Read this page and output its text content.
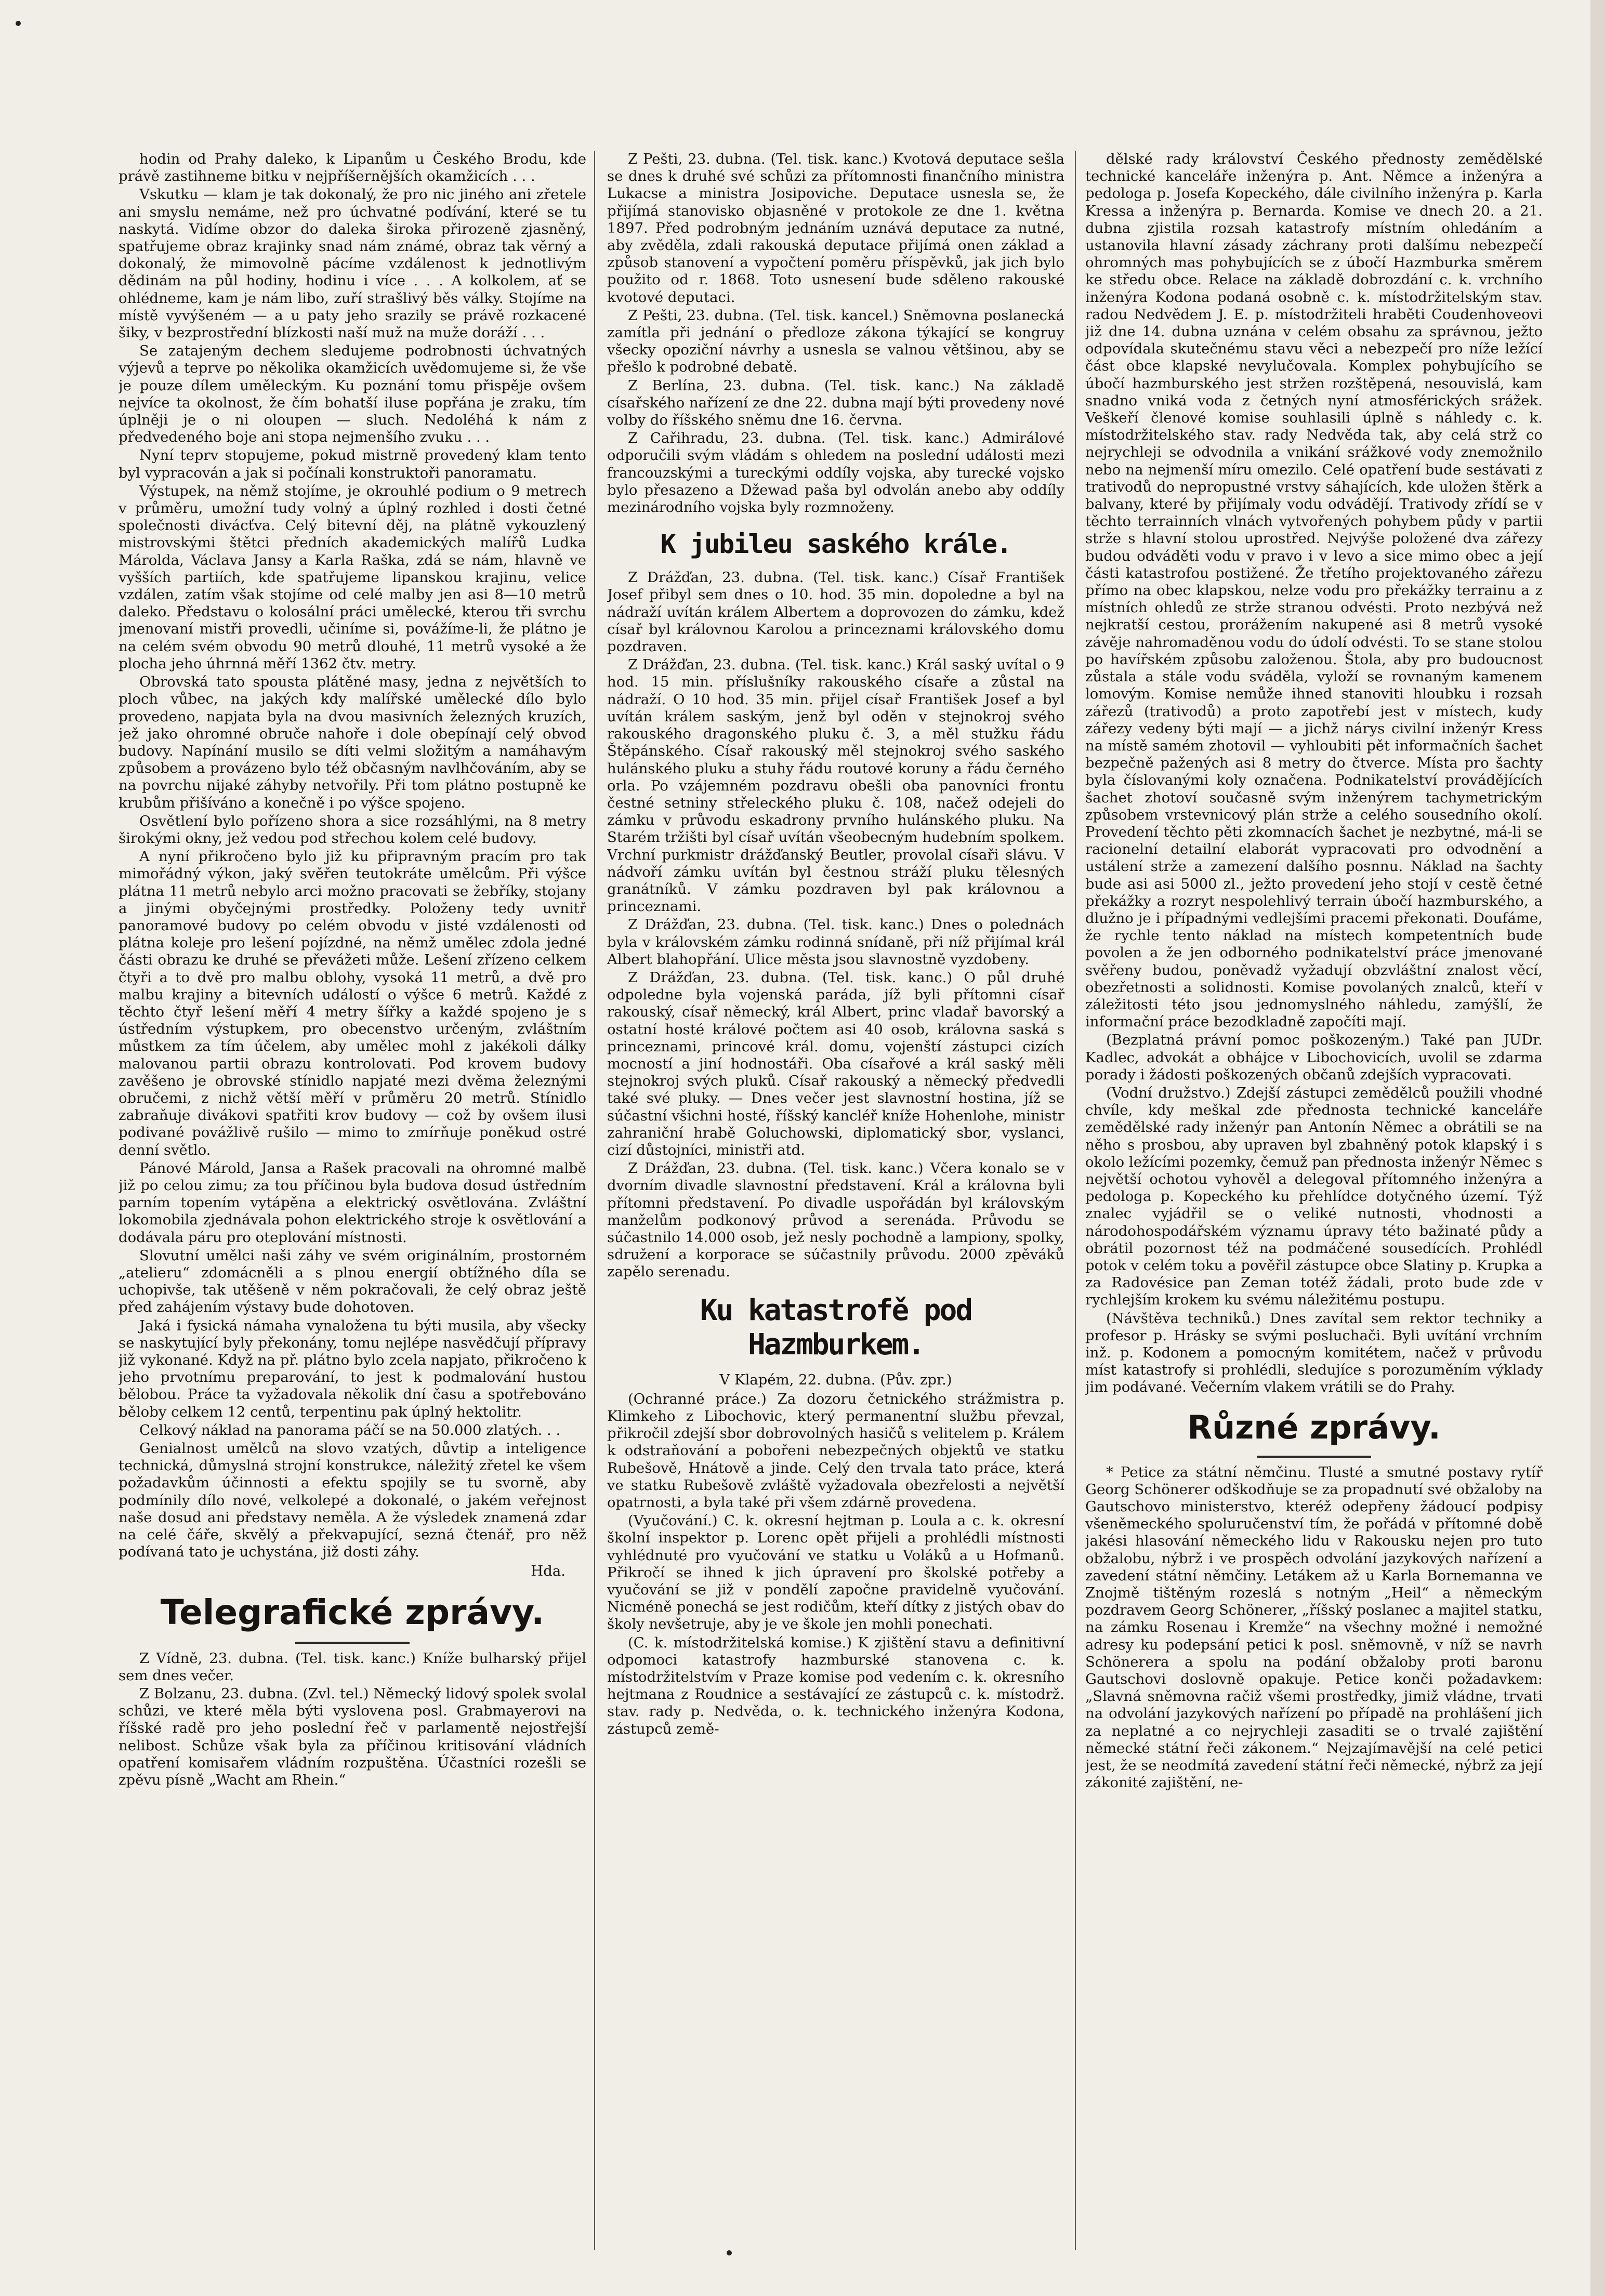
hodin od Prahy daleko, k Lipanům u Českého Brodu, kde právě zastihneme bitku v nejpříšernějších okamžicích . . .

Vskutku — klam je tak dokonalý, že pro nic jiného ani zřetele ani smyslu nemáme, než pro úchvatné podívání, které se tu naskytá. Vidíme obzor do daleka široka přirozeně zjasněný, spatřujeme obraz krajinky snad nám známé, obraz tak věrný a dokonalý, že mimovolně pácíme vzdálenost k jednotlivým dědinám na půl hodiny, hodinu i více . . . A kolkolem, ať se ohlédneme, kam je nám libo, zuří strašlivý běs války. Stojíme na místě vyvýšeném — a u paty jeho srazily se právě rozkacené šiky, v bezprostřední blízkosti naší muž na muže doráží . . .

Se zatajeným dechem sledujeme podrobnosti úchvatných výjevů a teprve po několika okamžicích uvědomujeme si, že vše je pouze dílem uměleckým. Ku poznání tomu přispěje ovšem nejvíce ta okolnost, že čím bohatší iluse popřána je zraku, tím úplněji je o ni oloupen — sluch. Nedoléhá k nám z předvedeného boje ani stopa nejmenšího zvuku . . .

Nyní teprv stopujeme, pokud mistrně provedený klam tento byl vypracován a jak si počínali konstruktoři panoramatu.

Výstupek, na němž stojíme, je okrouhlé podium o 9 metrech v průměru, umožní tudy volný a úplný rozhled i dosti četné společnosti divácťva. Celý bitevní děj, na plátně vykouzlený mistrovskými štětci předních akademických malířů Ludka Márolda, Václava Jansy a Karla Raška, zdá se nám, hlavně ve vyšších partiích, kde spatřujeme lipanskou krajinu, velice vzdálen, zatím však stojíme od celé malby jen asi 8—10 metrů daleko. Představu o kolosální práci umělecké, kterou tři svrchu jmenovaní mistři provedli, učiníme si, povážíme-li, že plátno je na celém svém obvodu 90 metrů dlouhé, 11 metrů vysoké a že plocha jeho úhrnná měří 1362 čtv. metry.

Obrovská tato spousta plátěné masy, jedna z největších to ploch vůbec, na jakých kdy malířské umělecké dílo bylo provedeno, napjata byla na dvou masivních železných kruzích, jež jako ohromné obruče nahoře i dole obepínají celý obvod budovy. Napínání musilo se díti velmi složitým a namáhavým způsobem a provázeno bylo též občasným navlhčováním, aby se na povrchu nijaké záhyby netvořily. Při tom plátno postupně ke krubům přišíváno a konečně i po výšce spojeno.

Osvětlení bylo pořízeno shora a sice rozsáhlými, na 8 metry širokými okny, jež vedou pod střechou kolem celé budovy.

A nyní přikročeno bylo již ku připravným pracím pro tak mimořádný výkon, jaký svěřen teutokráte umělcům. Při výšce plátna 11 metrů nebylo arci možno pracovati se žebříky, stojany a jinými obyčejnými prostředky. Položeny tedy uvnitř panoramové budovy po celém obvodu v jisté vzdálenosti od plátna koleje pro lešení pojízdné, na němž umělec zdola jedné části obrazu ke druhé se převážeti může. Lešení zřízeno celkem čtyři a to dvě pro malbu oblohy, vysoká 11 metrů, a dvě pro malbu krajiny a bitevních událostí o výšce 6 metrů. Každé z těchto čtyř lešení měří 4 metry šířky a každé spojeno je s ústředním výstupkem, pro obecenstvo určeným, zvláštním můstkem za tím účelem, aby umělec mohl z jakékoli dálky malovanou partii obrazu kontrolovati. Pod krovem budovy zavěšeno je obrovské stínidlo napjaté mezi dvěma železnými obručemi, z nichž větší měří v průměru 20 metrů. Stínidlo zabraňuje divákovi spatřiti krov budovy — což by ovšem ilusi podivané povážlivě rušilo — mimo to zmírňuje poněkud ostré denní světlo.

Pánové Márold, Jansa a Rašek pracovali na ohromné malbě již po celou zimu; za tou příčinou byla budova dosud ústředním parním topením vytápěna a elektrický osvětlována. Zvláštní lokomobila zjednávala pohon elektrického stroje k osvětlování a dodávala páru pro oteplování místnosti.

Slovutní umělci naši záhy ve svém originálním, prostorném „atelieru“ zdomácněli a s plnou energií obtížného díla se uchopivše, tak utěšeně v něm pokračovali, že celý obraz ještě před zahájením výstavy bude dohotoven.

Jaká i fysická námaha vynaložena tu býti musila, aby všecky se naskytující byly překonány, tomu nejlépe nasvědčují přípravy již vykonané. Když na př. plátno bylo zcela napjato, přikročeno k jeho prvotnímu preparování, to jest k podmalování hustou bělobou. Práce ta vyžadovala několik dní času a spotřebováno běloby celkem 12 centů, terpentinu pak úplný hektolitr.

Celkový náklad na panorama páčí se na 50.000 zlatých. . .

Genialnost umělců na slovo vzatých, důvtip a inteligence technická, důmyslná strojní konstrukce, náležitý zřetel ke všem požadavkům účinnosti a efektu spojily se tu svorně, aby podmínily dílo nové, velkolepé a dokonalé, o jakém veřejnost naše dosud ani představy neměla. A že výsledek znamená zdar na celé čáře, skvělý a překvapující, sezná čtenář, pro něž podívaná tato je uchystána, již dosti záhy.

Hda.

Telegrafické zprávy.

Z Vídně, 23. dubna. (Tel. tisk. kanc.) Kníže bulharský přijel sem dnes večer.

Z Bolzanu, 23. dubna. (Zvl. tel.) Německý lidový spolek svolal schůzi, ve které měla býti vyslovena posl. Grabmayerovi na říšské radě pro jeho poslední řeč v parlamentě nejostřejší nelibost. Schůze však byla za příčinou kritisování vládních opatření komisařem vládním rozpuštěna. Účastníci rozešli se zpěvu písně „Wacht am Rhein.“

Z Pešti, 23. dubna. (Tel. tisk. kanc.) Kvotová deputace sešla se dnes k druhé své schůzi za přítomnosti finančního ministra Lukacse a ministra Josipoviche. Deputace usnesla se, že přijímá stanovisko objasněné v protokole ze dne 1. května 1897. Před podrobným jednáním uznává deputace za nutné, aby zvěděla, zdali rakouská deputace přijímá onen základ a způsob stanovení a vypočtení poměru příspěvků, jak jich bylo použito od r. 1868. Toto usnesení bude sděleno rakouské kvotové deputaci.

Z Pešti, 23. dubna. (Tel. tisk. kancel.) Sněmovna poslanecká zamítla při jednání o předloze zákona týkající se kongruy všecky opoziční návrhy a usnesla se valnou většinou, aby se přešlo k podrobné debatě.

Z Berlína, 23. dubna. (Tel. tisk. kanc.) Na základě císařského nařízení ze dne 22. dubna mají býti provedeny nové volby do říšského sněmu dne 16. června.

Z Cařihradu, 23. dubna. (Tel. tisk. kanc.) Admirálové odporučili svým vládám s ohledem na poslední události mezi francouzskými a tureckými oddíly vojska, aby turecké vojsko bylo přesazeno a Džewad paša byl odvolán anebo aby oddíly mezinárodního vojska byly rozmnoženy.

K jubileu saského krále.

Z Drážďan, 23. dubna. (Tel. tisk. kanc.) Císař František Josef přibyl sem dnes o 10. hod. 35 min. dopoledne a byl na nádraží uvítán králem Albertem a doprovozen do zámku, kdež císař byl královnou Karolou a princeznami královského domu pozdraven.

Z Drážďan, 23. dubna. (Tel. tisk. kanc.) Král saský uvítal o 9 hod. 15 min. příslušníky rakouského císaře a zůstal na nádraží. O 10 hod. 35 min. přijel císař František Josef a byl uvítán králem saským, jenž byl oděn v stejnokroj svého rakouského dragonského pluku č. 3, a měl stužku řádu Štěpánského. Císař rakouský měl stejnokroj svého saského hulánského pluku a stuhy řádu routové koruny a řádu černého orla. Po vzájemném pozdravu obešli oba panovníci frontu čestné setniny střeleckého pluku č. 108, načež odejeli do zámku v průvodu eskadrony prvního hulánského pluku. Na Starém tržišti byl císař uvítán všeobecným hudebním spolkem. Vrchní purkmistr drážďanský Beutler, provolal císaři slávu. V nádvoří zámku uvítán byl čestnou stráží pluku tělesných granátníků. V zámku pozdraven byl pak královnou a princeznami.

Z Drážďan, 23. dubna. (Tel. tisk. kanc.) Dnes o polednách byla v královském zámku rodinná snídaně, při níž přijímal král Albert blahopřání. Ulice města jsou slavnostně vyzdobeny.

Z Drážďan, 23. dubna. (Tel. tisk. kanc.) O půl druhé odpoledne byla vojenská paráda, jíž byli přítomni císař rakouský, císař německý, král Albert, princ vladař bavorský a ostatní hosté králové počtem asi 40 osob, královna saská s princeznami, princové král. domu, vojenští zástupci cizích mocností a jiní hodnostáři. Oba císařové a král saský měli stejnokroj svých pluků. Císař rakouský a německý předvedli také své pluky. — Dnes večer jest slavnostní hostina, jíž se súčastní všichni hosté, říšský kancléř kníže Hohenlohe, ministr zahraniční hrabě Goluchowski, diplomatický sbor, vyslanci, cizí důstojníci, ministři atd.

Z Drážďan, 23. dubna. (Tel. tisk. kanc.) Včera konalo se v dvorním divadle slavnostní představení. Král a královna byli přítomni představení. Po divadle uspořádán byl královským manželům podkonový průvod a serenáda. Průvodu se súčastnilo 14.000 osob, jež nesly pochodně a lampiony, spolky, sdružení a korporace se súčastnily průvodu. 2000 zpěváků zapělo serenadu.

Ku katastrofě pod Hazmburkem.

V Klapém, 22. dubna. (Pův. zpr.)

(Ochranné práce.) Za dozoru četnického strážmistra p. Klimkeho z Libochovic, který permanentní službu převzal, přikročil zdejší sbor dobrovolných hasičů s velitelem p. Králem k odstraňování a pobořeni nebezpečných objektů ve statku Rubešově, Hnátově a jinde. Celý den trvala tato práce, která ve statku Rubešově zvláště vyžadovala obezřelosti a největší opatrnosti, a byla také při všem zdárně provedena.

(Vyučování.) C. k. okresní hejtman p. Loula a c. k. okresní školní inspektor p. Lorenc opět přijeli a prohlédli místnosti vyhlédnuté pro vyučování ve statku u Voláků a u Hofmanů. Přikročí se ihned k jich úpravení pro školské potřeby a vyučování se již v pondělí započne pravidelně vyučování. Nicméně ponechá se jest rodičům, kteří dítky z jistých obav do školy nevšetruje, aby je ve škole jen mohli ponechati.

(C. k. místodržitelská komise.) K zjištění stavu a definitivní odpomoci katastrofy hazmburské stanovena c. k. místodržitelstvím v Praze komise pod vedením c. k. okresního hejtmana z Roudnice a sestávající ze zástupců c. k. místodrž. stav. rady p. Nedvěda, o. k. technického inženýra Kodona, zástupců země-

dělské rady království Českého přednosty zemědělské technické kanceláře inženýra p. Ant. Němce a inženýra a pedologa p. Josefa Kopeckého, dále civilního inženýra p. Karla Kressa a inženýra p. Bernarda. Komise ve dnech 20. a 21. dubna zjistila rozsah katastrofy místním ohledáním a ustanovila hlavní zásady záchrany proti dalšímu nebezpečí ohromných mas pohybujících se z úbočí Hazmburka směrem ke středu obce. Relace na základě dobrozdání c. k. vrchního inženýra Kodona podaná osobně c. k. místodržitelským stav. radou Nedvědem J. E. p. místodržiteli hraběti Coudenhoveovi již dne 14. dubna uznána v celém obsahu za správnou, ježto odpovídala skutečnému stavu věci a nebezpečí pro níže ležící část obce klapské nevylučovala. Komplex pohybujícího se úbočí hazmburského jest stržen rozštěpená, nesouvislá, kam snadno vniká voda z četných nyní atmosférických srážek. Veškeří členové komise souhlasili úplně s náhledy c. k. místodržitelského stav. rady Nedvěda tak, aby celá strž co nejrychleji se odvodnila a vnikání srážkové vody znemožnilo nebo na nejmenší míru omezilo. Celé opatření bude sestávati z trativodů do nepropustné vrstvy sáhajících, kde uložen štěrk a balvany, které by přijímaly vodu odvádějí. Trativody zřídí se v těchto terrainních vlnách vytvořených pohybem půdy v partii strže s hlavní stolou uprostřed. Nejvýše položené dva zářezy budou odváděti vodu v pravo i v levo a sice mimo obec a její části katastrofou postižené. Že třetího projektovaného zářezu přímo na obec klapskou, nelze vodu pro překážky terrainu a z místních ohledů ze strže stranou odvésti. Proto nezbývá než nejkratší cestou, prorážením nakupené asi 8 metrů vysoké závěje nahromaděnou vodu do údolí odvésti. To se stane stolou po havířském způsobu založenou. Štola, aby pro budoucnost zůstala a stále vodu sváděla, vyloží se rovnaným kamenem lomovým. Komise nemůže ihned stanoviti hloubku i rozsah zářezů (trativodů) a proto zapotřebí jest v místech, kudy zářezy vedeny býti mají — a jichž nárys civilní inženýr Kress na místě samém zhotovil — vyhloubiti pět informačních šachet bezpečně pažených asi 8 metry do čtverce. Místa pro šachty byla číslovanými koly označena. Podnikatelství provádějících šachet zhotoví současně svým inženýrem tachymetrickým způsobem vrstevnicový plán strže a celého sousedního okolí. Provedení těchto pěti zkomnacích šachet je nezbytné, má-li se racionelní detailní elaborát vypracovati pro odvodnění a ustálení strže a zamezení dalšího posnnu. Náklad na šachty bude asi asi 5000 zl., ježto provedení jeho stojí v cestě četné překážky a rozryt nespolehlivý terrain úbočí hazmburského, a dlužno je i případnými vedlejšími pracemi překonati. Doufáme, že rychle tento náklad na místech kompetentních bude povolen a že jen odborného podnikatelství práce jmenované svěřeny budou, poněvadž vyžadují obzvláštní znalost věcí, obezřetnosti a solidnosti. Komise povolaných znalců, kteří v záležitosti této jsou jednomyslného náhledu, zamýšlí, že informační práce bezodkladně započíti mají.

(Bezplatná právní pomoc poškozeným.) Také pan JUDr. Kadlec, advokát a obhájce v Libochovicích, uvolil se zdarma porady i žádosti poškozených občanů zdejších vypracovati.

(Vodní družstvo.) Zdejší zástupci zemědělců použili vhodné chvíle, kdy meškal zde přednosta technické kanceláře zemědělské rady inženýr pan Antonín Němec a obrátili se na něho s prosbou, aby upraven byl zbahněný potok klapský i s okolo ležícími pozemky, čemuž pan přednosta inženýr Němec s největší ochotou vyhověl a delegoval přítomného inženýra a pedologa p. Kopeckého ku přehlídce dotyčného území. Týž znalec vyjádřil se o veliké nutnosti, vhodnosti a národohospodářském významu úpravy této bažinaté půdy a obrátil pozornost též na podmáčené sousedících. Prohlédl potok v celém toku a pověřil zástupce obce Slatiny p. Krupka a za Radovésice pan Zeman totéž žádali, proto bude zde v rychlejším krokem ku svému náležitému postupu.

(Návštěva techniků.) Dnes zavítal sem rektor techniky a profesor p. Hrásky se svými posluchači. Byli uvítání vrchním inž. p. Kodonem a pomocným komitétem, načež v průvodu míst katastrofy si prohlédli, sledujíce s porozuměním výklady jim podávané. Večerním vlakem vrátili se do Prahy.

Různé zprávy.

* Petice za státní němčinu. Tlusté a smutné postavy rytíř Georg Schönerer odškodňuje se za propadnutí své obžaloby na Gautschovo ministerstvo, kteréž odepřeny žádoucí podpisy všeněmeckého spoluručenství tím, že pořádá v přítomné době jakési hlasování německého lidu v Rakousku nejen pro tuto obžalobu, nýbrž i ve prospěch odvolání jazykových nařízení a zavedení státní němčiny. Letákem až u Karla Bornemanna ve Znojmě tištěným rozeslá s notným „Heil“ a německým pozdravem Georg Schönerer, „říšský poslanec a majitel statku, na zámku Rosenau i Kremže“ na všechny možné i nemožné adresy ku podepsání petici k posl. sněmovně, v níž se navrh Schönerera a spolu na podání obžaloby proti baronu Gautschovi doslovně opakuje. Petice konči požadavkem: „Slavná sněmovna račiž všemi prostředky, jimiž vládne, trvati na odvolání jazykových nařízení po případě na prohlášení jich za neplatné a co nejrychleji zasaditi se o trvalé zajištění německé státní řeči zákonem.“ Nejzajímavější na celé petici jest, že se neodmítá zavedení státní řeči německé, nýbrž za její zákonité zajištění, ne-
